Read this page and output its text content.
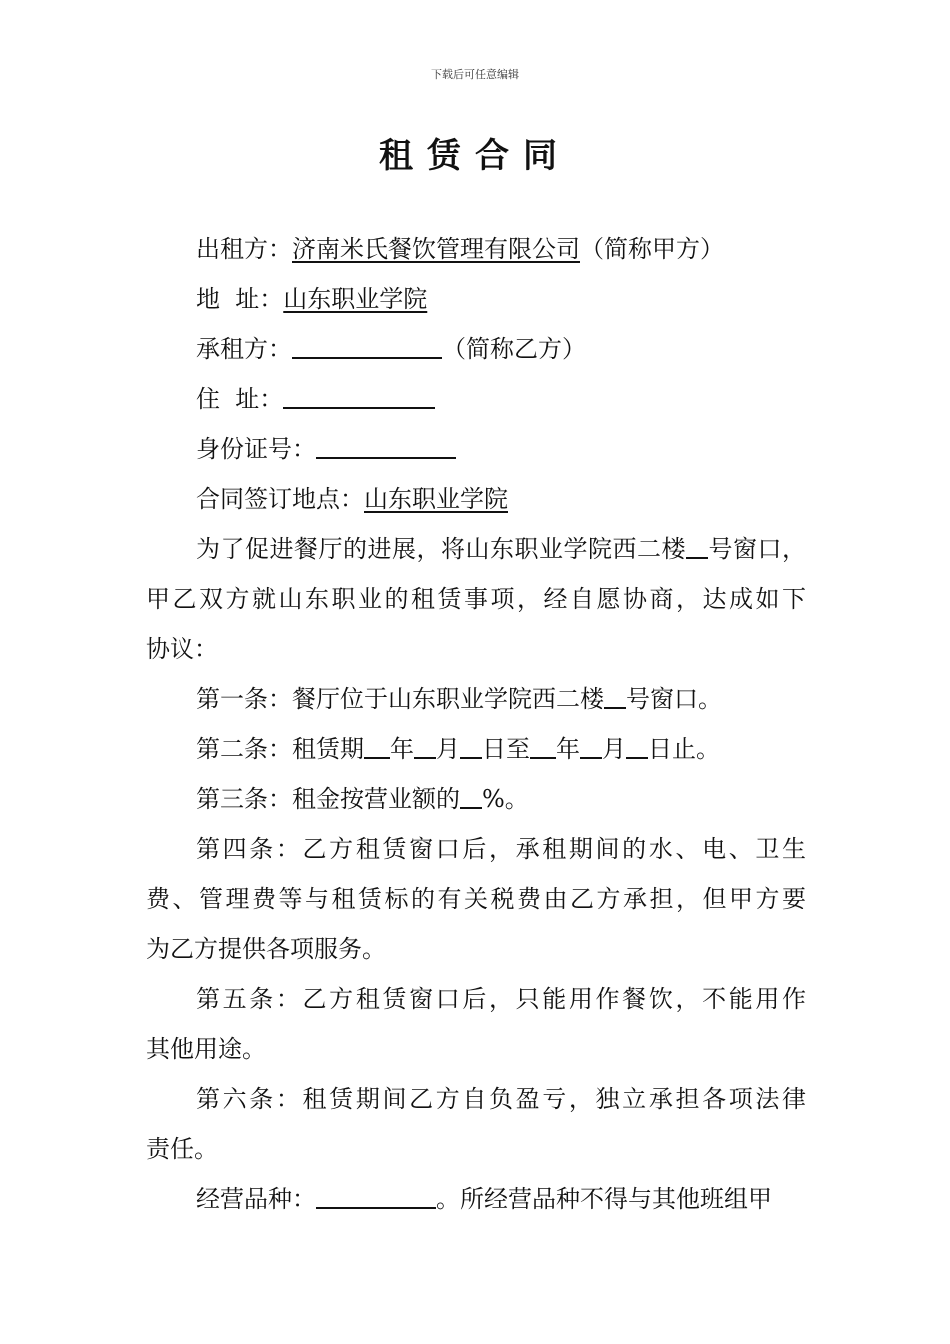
下载后可任意编辑
租赁合同
出租方：济南米氏餐饮管理有限公司（简称甲方）
地  址：山东职业学院
承租方：	（简称乙方）
住  址：
身份证号：
合同签订地点：山东职业学院
为了促进餐厅的进展，将山东职业学院西二楼 号窗口，
甲乙双方就山东职业的租赁事项，经自愿协商，达成如下
协议：
第一条：餐厅位于山东职业学院西二楼 号窗口。
第二条：租赁期 年 月 日至 年 月 日止。
第三条：租金按营业额的 %。
第四条：乙方租赁窗口后，承租期间的水、电、卫生
费、管理费等与租赁标的有关税费由乙方承担，但甲方要
为乙方提供各项服务。
第五条：乙方租赁窗口后，只能用作餐饮，不能用作
其他用途。
第六条：租赁期间乙方自负盈亏，独立承担各项法律
责任。
经营品种：	。所经营品种不得与其他班组甲
